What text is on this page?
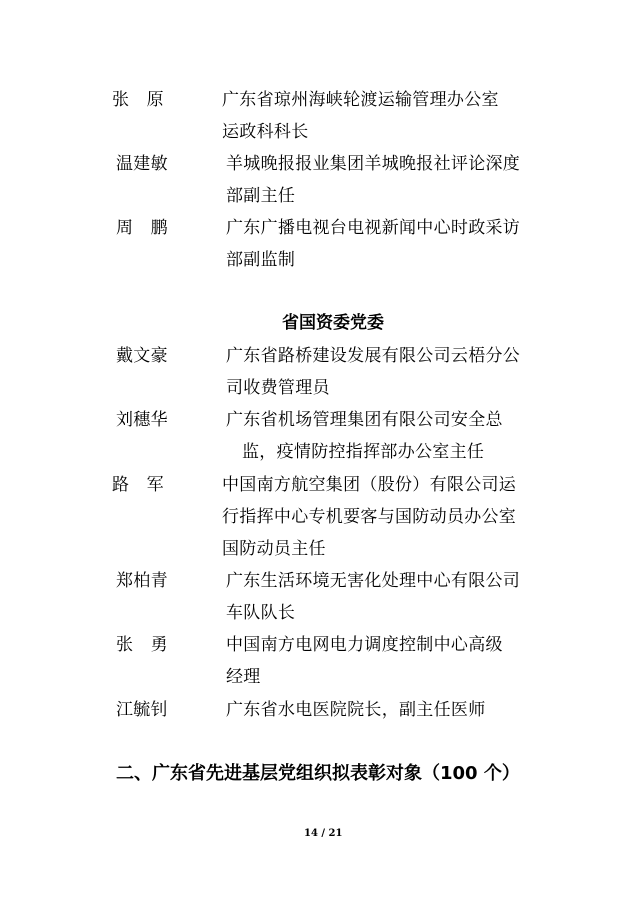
张　原	广东省琼州海峡轮渡运输管理办公室
运政科科长
温建敏	羊城晚报报业集团羊城晚报社评论深度
部副主任
周　鹏	广东广播电视台电视新闻中心时政采访
部副监制
省国资委党委
戴文豪	广东省路桥建设发展有限公司云梧分公
司收费管理员
刘穗华	广东省机场管理集团有限公司安全总
监，疫情防控指挥部办公室主任
路　军	中国南方航空集团（股份）有限公司运
行指挥中心专机要客与国防动员办公室
国防动员主任
郑柏青	广东生活环境无害化处理中心有限公司
车队队长
张　勇	中国南方电网电力调度控制中心高级
经理
江毓钊	广东省水电医院院长，副主任医师
二、广东省先进基层党组织拟表彰对象（100 个）
14 / 21
